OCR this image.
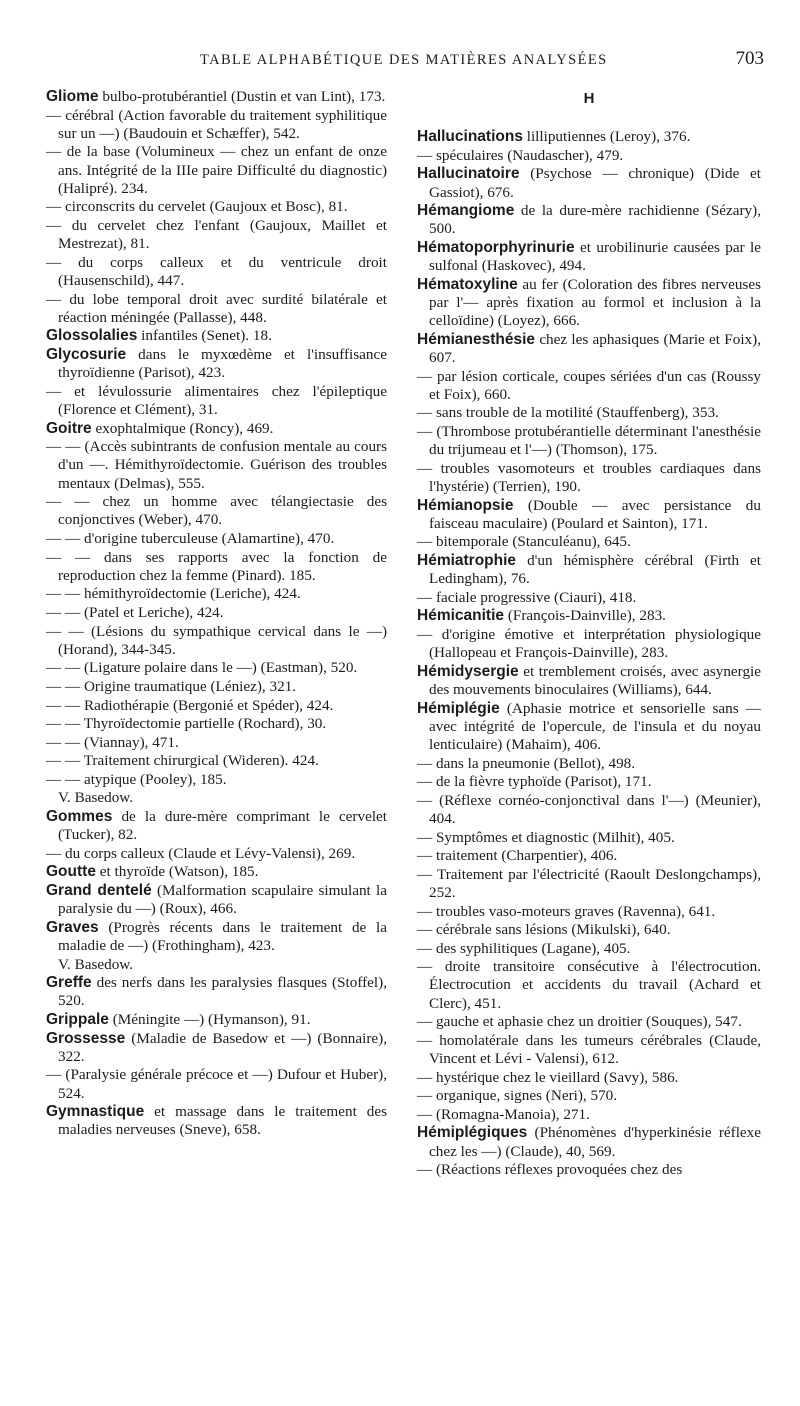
TABLE ALPHABÉTIQUE DES MATIÈRES ANALYSÉES	703
Gliome bulbo-protubérantiel (Dustin et van Lint), 173.
— cérébral (Action favorable du traitement syphilitique sur un —) (Baudouin et Schæffer), 542.
— de la base (Volumineux — chez un enfant de onze ans. Intégrité de la IIIe paire Difficulté du diagnostic) (Halipré). 234.
— circonscrits du cervelet (Gaujoux et Bosc), 81.
— du cervelet chez l'enfant (Gaujoux, Maillet et Mestrezat), 81.
— du corps calleux et du ventricule droit (Hausenschild), 447.
— du lobe temporal droit avec surdité bilatérale et réaction méningée (Pallasse), 448.
Glossolalies infantiles (Senet). 18.
Glycosurie dans le myxœdème et l'insuffisance thyroïdienne (Parisot), 423.
— et lévulossurie alimentaires chez l'épileptique (Florence et Clément), 31.
Goitre exophtalmique (Roncy), 469.
— — (Accès subintrants de confusion mentale au cours d'un —. Hémithyroïdectomie. Guérison des troubles mentaux (Delmas), 555.
— — chez un homme avec télangiectasie des conjonctives (Weber), 470.
— — d'origine tuberculeuse (Alamartine), 470.
— — dans ses rapports avec la fonction de reproduction chez la femme (Pinard). 185.
— — hémithyroïdectomie (Leriche), 424.
— — (Patel et Leriche), 424.
— — (Lésions du sympathique cervical dans le —) (Horand), 344-345.
— — (Ligature polaire dans le —) (Eastman), 520.
— — Origine traumatique (Léniez), 321.
— — Radiothérapie (Bergonié et Spéder), 424.
— — Thyroïdectomie partielle (Rochard), 30.
— — (Viannay), 471.
— — Traitement chirurgical (Wideren). 424.
— — atypique (Pooley), 185.
V. Basedow.
Gommes de la dure-mère comprimant le cervelet (Tucker), 82.
— du corps calleux (Claude et Lévy-Valensi), 269.
Goutte et thyroïde (Watson), 185.
Grand dentelé (Malformation scapulaire simulant la paralysie du —) (Roux), 466.
Graves (Progrès récents dans le traitement de la maladie de —) (Frothingham), 423.
V. Basedow.
Greffe des nerfs dans les paralysies flasques (Stoffel), 520.
Grippale (Méningite —) (Hymanson), 91.
Grossesse (Maladie de Basedow et —) (Bonnaire), 322.
— (Paralysie générale précoce et —) Dufour et Huber), 524.
Gymnastique et massage dans le traitement des maladies nerveuses (Sneve), 658.
H
Hallucinations lilliputiennes (Leroy), 376.
— spéculaires (Naudascher), 479.
Hallucinatoire (Psychose — chronique) (Dide et Gassiot), 676.
Hémangiome de la dure-mère rachidienne (Sézary), 500.
Hématoporphyrinurie et urobilinurie causées par le sulfonal (Haskovec), 494.
Hématoxyline au fer (Coloration des fibres nerveuses par l'— après fixation au formol et inclusion à la celloïdine) (Loyez), 666.
Hémianesthésie chez les aphasiques (Marie et Foix), 607.
— par lésion corticale, coupes sériées d'un cas (Roussy et Foix), 660.
— sans trouble de la motilité (Stauffenberg), 353.
— (Thrombose protubérantielle déterminant l'anesthésie du trijumeau et l'—) (Thomson), 175.
— troubles vasomoteurs et troubles cardiaques dans l'hystérie) (Terrien), 190.
Hémianopsie (Double — avec persistance du faisceau maculaire) (Poulard et Sainton), 171.
— bitemporale (Stanculéanu), 645.
Hémiatrophie d'un hémisphère cérébral (Firth et Ledingham), 76.
— faciale progressive (Ciauri), 418.
Hémicanitie (François-Dainville), 283.
— d'origine émotive et interprétation physiologique (Hallopeau et François-Dainville), 283.
Hémidysergie et tremblement croisés, avec asynergie des mouvements binoculaires (Williams), 644.
Hémiplégie (Aphasie motrice et sensorielle sans — avec intégrité de l'opercule, de l'insula et du noyau lenticulaire) (Mahaim), 406.
— dans la pneumonie (Bellot), 498.
— de la fièvre typhoïde (Parisot), 171.
— (Réflexe cornéo-conjonctival dans l'—) (Meunier), 404.
— Symptômes et diagnostic (Milhit), 405.
— traitement (Charpentier), 406.
— Traitement par l'électricité (Raoult Deslongchamps), 252.
— troubles vaso-moteurs graves (Ravenna), 641.
— cérébrale sans lésions (Mikulski), 640.
— des syphilitiques (Lagane), 405.
— droite transitoire consécutive à l'électrocution. Électrocution et accidents du travail (Achard et Clerc), 451.
— gauche et aphasie chez un droitier (Souques), 547.
— homolatérale dans les tumeurs cérébrales (Claude, Vincent et Lévi - Valensi), 612.
— hystérique chez le vieillard (Savy), 586.
— organique, signes (Neri), 570.
— (Romagna-Manoia), 271.
Hémiplégiques (Phénomènes d'hyperkinésie réflexe chez les —) (Claude), 40, 569.
— (Réactions réflexes provoquées chez des
